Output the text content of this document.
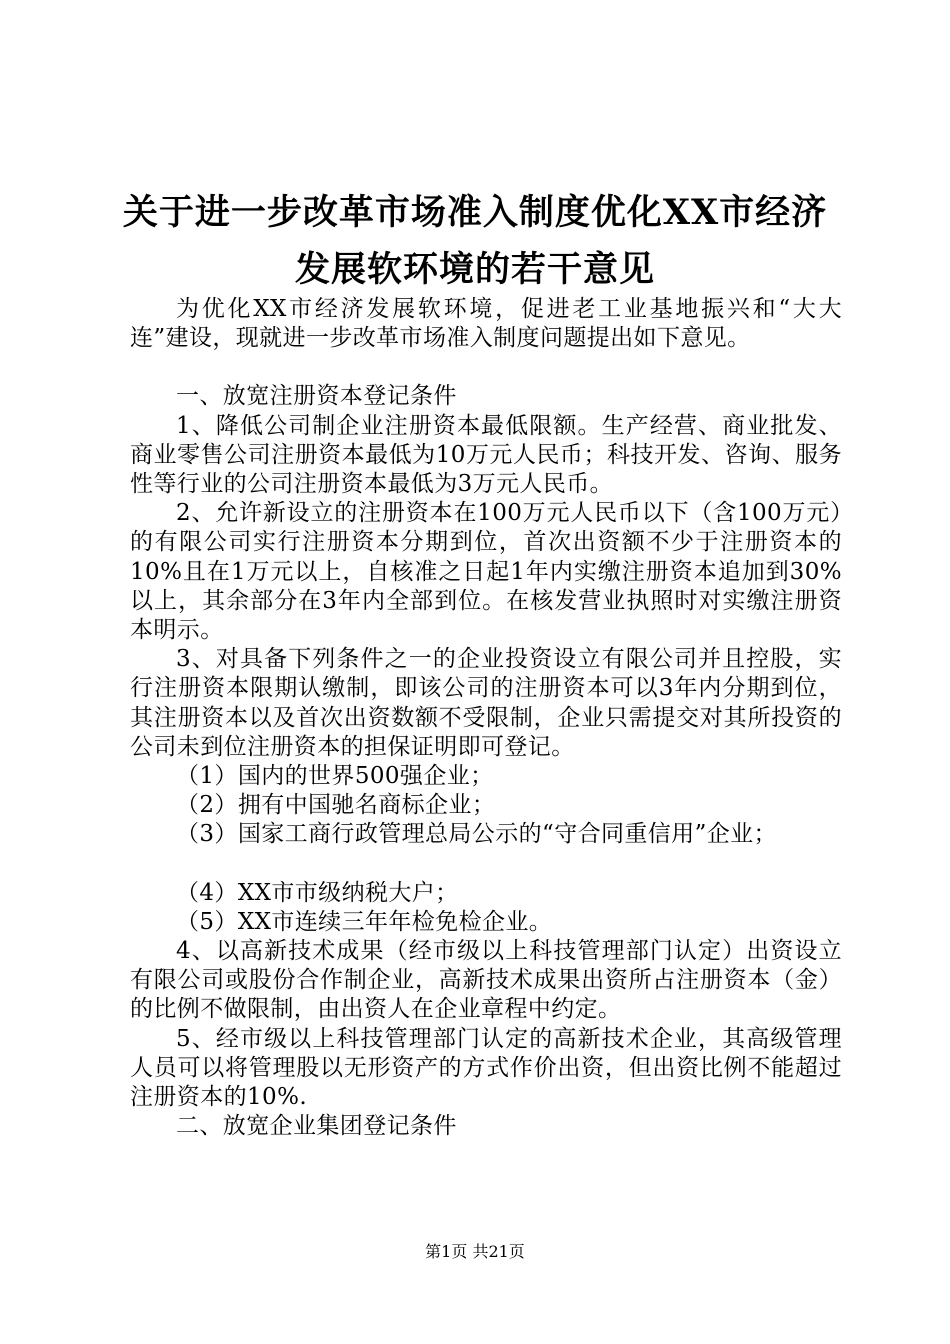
关于进一步改革市场准入制度优化XX市经济
发展软环境的若干意见

为优化XX市经济发展软环境，促进老工业基地振兴和“大大连”建设，现就进一步改革市场准入制度问题提出如下意见。

一、放宽注册资本登记条件

1、降低公司制企业注册资本最低限额。生产经营、商业批发、商业零售公司注册资本最低为10万元人民币；科技开发、咨询、服务性等行业的公司注册资本最低为3万元人民币。

2、允许新设立的注册资本在100万元人民币以下（含100万元）的有限公司实行注册资本分期到位，首次出资额不少于注册资本的10%且在1万元以上，自核准之日起1年内实缴注册资本追加到30%以上，其余部分在3年内全部到位。在核发营业执照时对实缴注册资本明示。

3、对具备下列条件之一的企业投资设立有限公司并且控股，实行注册资本限期认缴制，即该公司的注册资本可以3年内分期到位，其注册资本以及首次出资数额不受限制，企业只需提交对其所投资的公司未到位注册资本的担保证明即可登记。

（1）国内的世界500强企业；

（2）拥有中国驰名商标企业；

（3）国家工商行政管理总局公示的“守合同重信用”企业；

（4）XX市市级纳税大户；

（5）XX市连续三年年检免检企业。

4、以高新技术成果（经市级以上科技管理部门认定）出资设立有限公司或股份合作制企业，高新技术成果出资所占注册资本（金）的比例不做限制，由出资人在企业章程中约定。

5、经市级以上科技管理部门认定的高新技术企业，其高级管理人员可以将管理股以无形资产的方式作价出资，但出资比例不能超过注册资本的10%.

二、放宽企业集团登记条件

第1页 共21页
